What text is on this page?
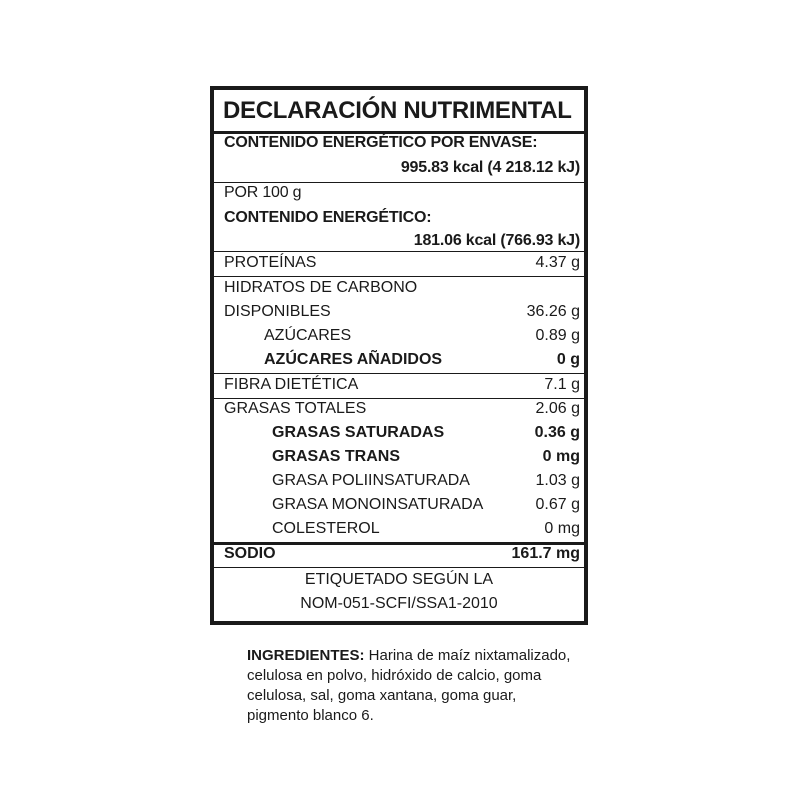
DECLARACIÓN NUTRIMENTAL
CONTENIDO ENERGÉTICO POR ENVASE:
995.83 kcal (4 218.12 kJ)
POR 100 g
CONTENIDO ENERGÉTICO:
181.06 kcal (766.93 kJ)
PROTEÍNAS	4.37 g
HIDRATOS DE CARBONO
DISPONIBLES	36.26 g
AZÚCARES	0.89 g
AZÚCARES AÑADIDOS	0 g
FIBRA DIETÉTICA	7.1 g
GRASAS TOTALES	2.06 g
GRASAS SATURADAS	0.36 g
GRASAS TRANS	0 mg
GRASA POLIINSATURADA	1.03 g
GRASA MONOINSATURADA	0.67 g
COLESTEROL	0 mg
SODIO	161.7 mg
ETIQUETADO SEGÚN LA
NOM-051-SCFI/SSA1-2010
INGREDIENTES: Harina de maíz nixtamalizado, celulosa en polvo, hidróxido de calcio, goma celulosa, sal, goma xantana, goma guar, pigmento blanco 6.
